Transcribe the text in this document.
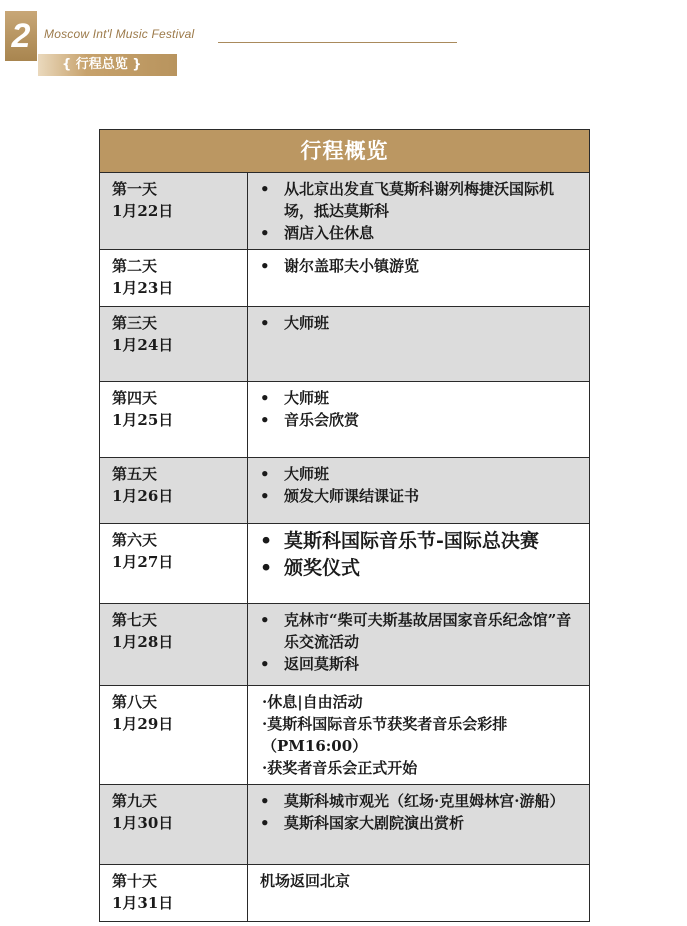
2	Moscow Int'l Music Festival
{ 行程总览 }
行程概览
第一天
1月22日
• 从北京出发直飞莫斯科谢列梅捷沃国际机场，抵达莫斯科
• 酒店入住休息
第二天
1月23日
• 谢尔盖耶夫小镇游览
第三天
1月24日
• 大师班
第四天
1月25日
• 大师班
• 音乐会欣赏
第五天
1月26日
• 大师班
• 颁发大师课结课证书
第六天
1月27日
• 莫斯科国际音乐节-国际总决赛
• 颁奖仪式
第七天
1月28日
• 克林市“柴可夫斯基故居国家音乐纪念馆”音乐交流活动
• 返回莫斯科
第八天
1月29日
·休息|自由活动
·莫斯科国际音乐节获奖者音乐会彩排（PM16:00）
·获奖者音乐会正式开始
第九天
1月30日
• 莫斯科城市观光（红场·克里姆林宫·游船）
• 莫斯科国家大剧院演出赏析
第十天
1月31日
机场返回北京
